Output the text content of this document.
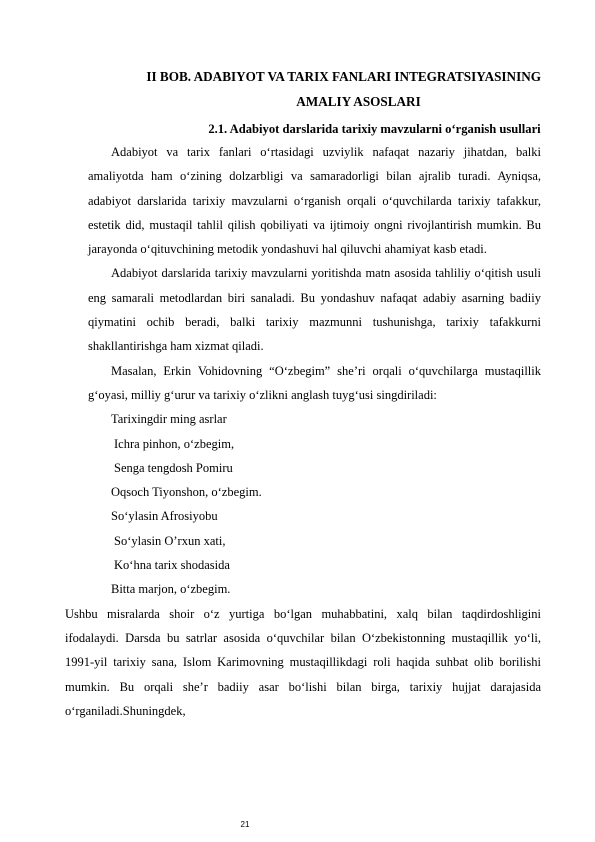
II BOB. ADABIYOT VA TARIX FANLARI INTEGRATSIYASINING
AMALIY ASOSLARI
2.1. Adabiyot darslarida tarixiy mavzularni o‘rganish usullari

Adabiyot va tarix fanlari o‘rtasidagi uzviylik nafaqat nazariy jihatdan, balki amaliyotda ham o‘zining dolzarbligi va samaradorligi bilan ajralib turadi. Ayniqsa, adabiyot darslarida tarixiy mavzularni o‘rganish orqali o‘quvchilarda tarixiy tafakkur, estetik did, mustaqil tahlil qilish qobiliyati va ijtimoiy ongni rivojlantirish mumkin. Bu jarayonda o‘qituvchining metodik yondashuvi hal qiluvchi ahamiyat kasb etadi.

Adabiyot darslarida tarixiy mavzularni yoritishda matn asosida tahliliy o‘qitish usuli eng samarali metodlardan biri sanaladi. Bu yondashuv nafaqat adabiy asarning badiiy qiymatini ochib beradi, balki tarixiy mazmunni tushunishga, tarixiy tafakkurni shakllantirishga ham xizmat qiladi.

Masalan, Erkin Vohidovning “O‘zbegim” she’ri orqali o‘quvchilarga mustaqillik g‘oyasi, milliy g‘urur va tarixiy o‘zlikni anglash tuyg‘usi singdiriladi:

Tarixingdir ming asrlar
Ichra pinhon, o‘zbegim,
Senga tengdosh Pomiru
Oqsoch Tiyonshon, o‘zbegim.
So‘ylasin Afrosiyobu
So‘ylasin O’rxun xati,
Ko‘hna tarix shodasida
Bitta marjon, o‘zbegim.

Ushbu misralarda shoir o‘z yurtiga bo‘lgan muhabbatini, xalq bilan taqdirdoshligini ifodalaydi. Darsda bu satrlar asosida o‘quvchilar bilan O‘zbekistonning mustaqillik yo‘li, 1991-yil tarixiy sana, Islom Karimovning mustaqillikdagi roli haqida suhbat olib borilishi mumkin. Bu orqali she’r badiiy asar bo‘lishi bilan birga, tarixiy hujjat darajasida o‘rganiladi.Shuningdek,

21
